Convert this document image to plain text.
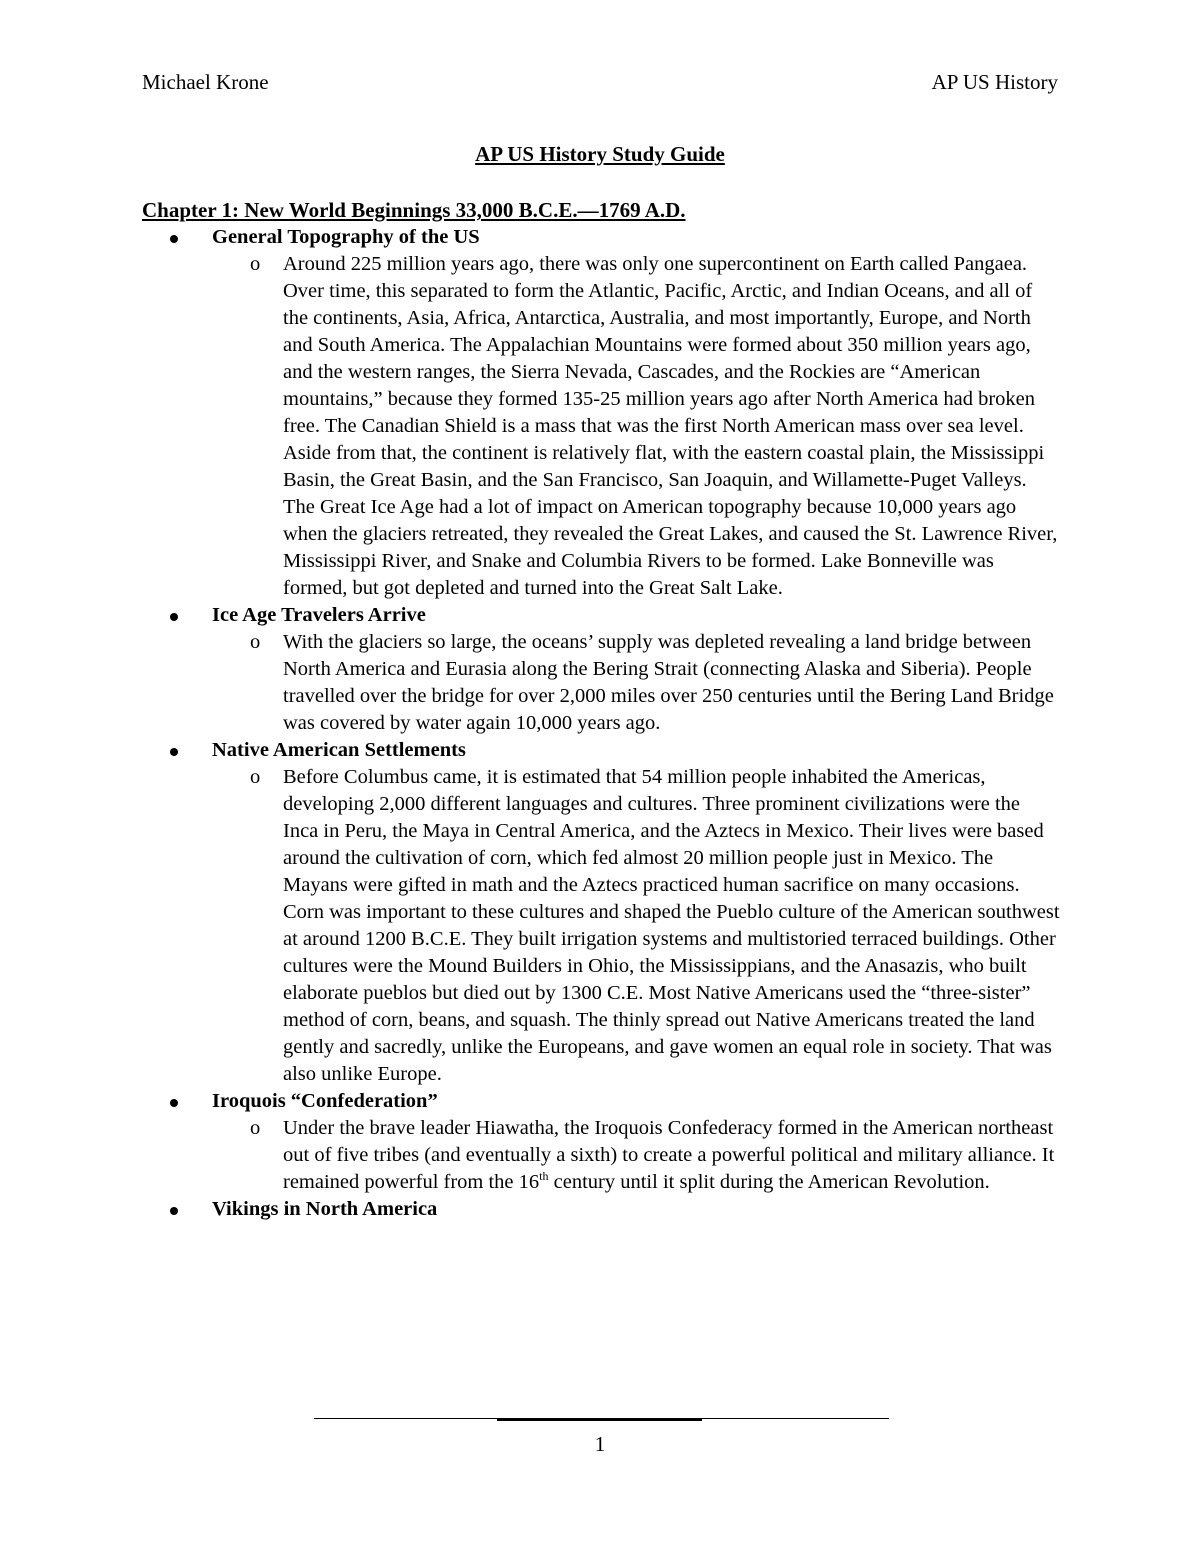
Michael Krone	AP US History
AP US History Study Guide
Chapter 1: New World Beginnings 33,000 B.C.E.—1769 A.D.
General Topography of the US
o Around 225 million years ago, there was only one supercontinent on Earth called Pangaea. Over time, this separated to form the Atlantic, Pacific, Arctic, and Indian Oceans, and all of the continents, Asia, Africa, Antarctica, Australia, and most importantly, Europe, and North and South America. The Appalachian Mountains were formed about 350 million years ago, and the western ranges, the Sierra Nevada, Cascades, and the Rockies are “American mountains,” because they formed 135-25 million years ago after North America had broken free. The Canadian Shield is a mass that was the first North American mass over sea level. Aside from that, the continent is relatively flat, with the eastern coastal plain, the Mississippi Basin, the Great Basin, and the San Francisco, San Joaquin, and Willamette-Puget Valleys. The Great Ice Age had a lot of impact on American topography because 10,000 years ago when the glaciers retreated, they revealed the Great Lakes, and caused the St. Lawrence River, Mississippi River, and Snake and Columbia Rivers to be formed. Lake Bonneville was formed, but got depleted and turned into the Great Salt Lake.
Ice Age Travelers Arrive
o With the glaciers so large, the oceans’ supply was depleted revealing a land bridge between North America and Eurasia along the Bering Strait (connecting Alaska and Siberia). People travelled over the bridge for over 2,000 miles over 250 centuries until the Bering Land Bridge was covered by water again 10,000 years ago.
Native American Settlements
o Before Columbus came, it is estimated that 54 million people inhabited the Americas, developing 2,000 different languages and cultures. Three prominent civilizations were the Inca in Peru, the Maya in Central America, and the Aztecs in Mexico. Their lives were based around the cultivation of corn, which fed almost 20 million people just in Mexico. The Mayans were gifted in math and the Aztecs practiced human sacrifice on many occasions. Corn was important to these cultures and shaped the Pueblo culture of the American southwest at around 1200 B.C.E. They built irrigation systems and multistoried terraced buildings. Other cultures were the Mound Builders in Ohio, the Mississippians, and the Anasazis, who built elaborate pueblos but died out by 1300 C.E. Most Native Americans used the “three-sister” method of corn, beans, and squash. The thinly spread out Native Americans treated the land gently and sacredly, unlike the Europeans, and gave women an equal role in society. That was also unlike Europe.
Iroquois “Confederation”
o Under the brave leader Hiawatha, the Iroquois Confederacy formed in the American northeast out of five tribes (and eventually a sixth) to create a powerful political and military alliance. It remained powerful from the 16th century until it split during the American Revolution.
Vikings in North America
1
